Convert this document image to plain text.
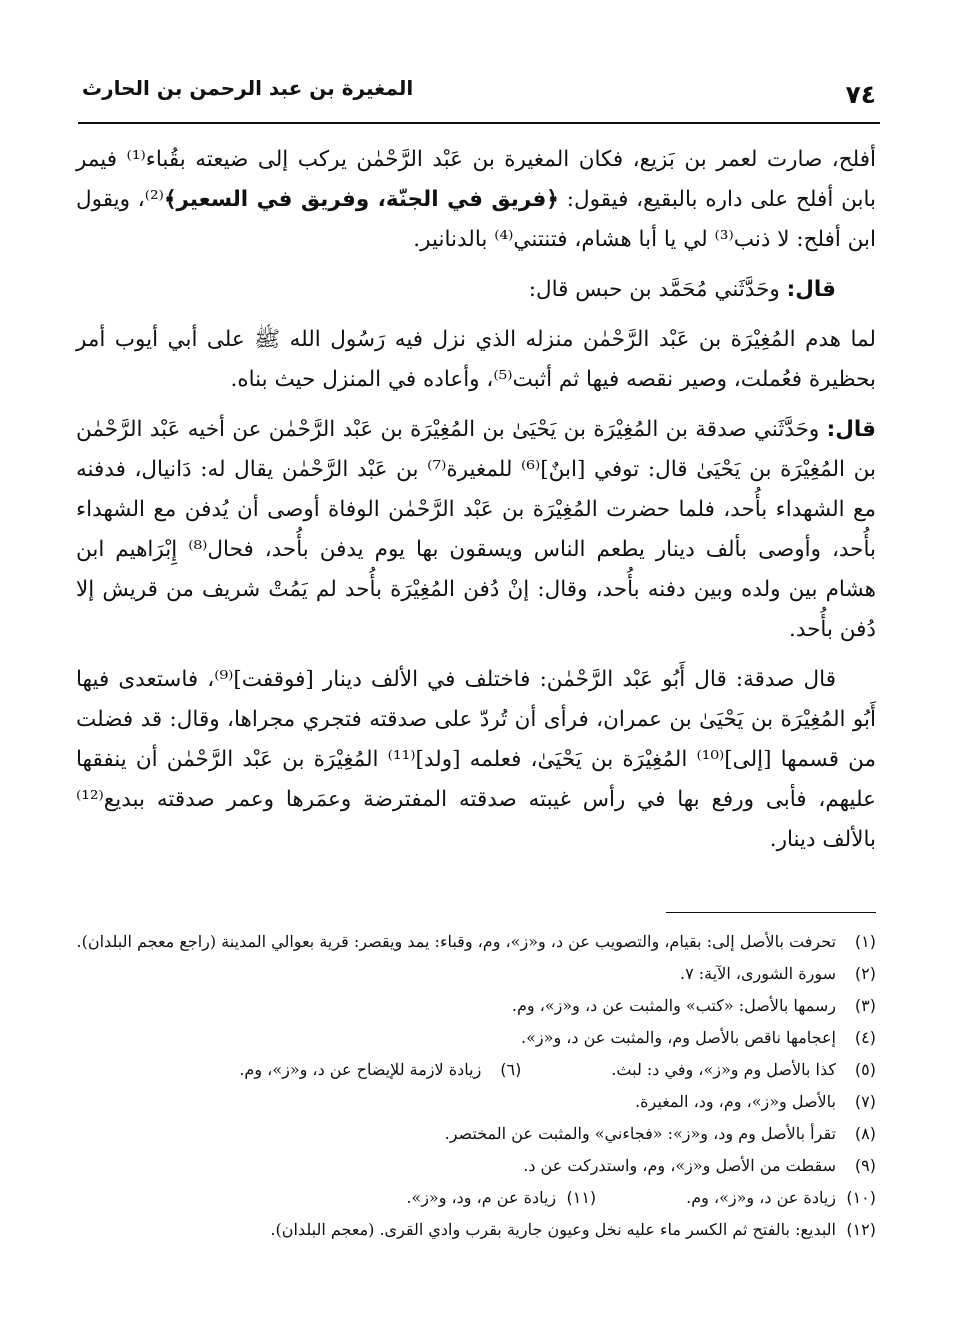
٧٤
المغيرة بن عبد الرحمن بن الحارث

أفلح، صارت لعمر بن بَزيع، فكان المغيرة بن عَبْد الرَّحْمٰن يركب إلى ضيعته بقُباء⁽¹⁾ فيمر بابن أفلح على داره بالبقيع، فيقول: ﴿فريق في الجنّة، وفريق في السعير﴾⁽²⁾، ويقول ابن أفلح: لا ذنب⁽³⁾ لي يا أبا هشام، فتنتني⁽⁴⁾ بالدنانير.

قال: وحَدَّثَني مُحَمَّد بن حبس قال:

لما هدم المُغِيْرَة بن عَبْد الرَّحْمٰن منزله الذي نزل فيه رَسُول الله ﷺ على أبي أيوب أمر بحظيرة فعُملت، وصير نقصه فيها ثم أثبت⁽⁵⁾، وأعاده في المنزل حيث بناه.

قال: وحَدَّثَني صدقة بن المُغِيْرَة بن يَحْيَىٰ بن المُغِيْرَة بن عَبْد الرَّحْمٰن عن أخيه عَبْد الرَّحْمٰن بن المُغِيْرَة بن يَحْيَىٰ قال: توفي [ابنٌ]⁽⁶⁾ للمغيرة⁽⁷⁾ بن عَبْد الرَّحْمٰن يقال له: دَانيال، فدفنه مع الشهداء بأُحد، فلما حضرت المُغِيْرَة بن عَبْد الرَّحْمٰن الوفاة أوصى أن يُدفن مع الشهداء بأُحد، وأوصى بألف دينار يطعم الناس ويسقون بها يوم يدفن بأُحد، فحال⁽⁸⁾ إِبْرَاهيم ابن هشام بين ولده وبين دفنه بأُحد، وقال: إنْ دُفن المُغِيْرَة بأُحد لم يَمُتْ شريف من قريش إلا دُفن بأُحد.

قال صدقة: قال أَبُو عَبْد الرَّحْمٰن: فاختلف في الألف دينار [فوقفت]⁽⁹⁾، فاستعدى فيها أَبُو المُغِيْرَة بن يَحْيَىٰ بن عمران، فرأى أن تُردّ على صدقته فتجري مجراها، وقال: قد فضلت من قسمها [إلى]⁽¹⁰⁾ المُغِيْرَة بن يَحْيَىٰ، فعلمه [ولد]⁽¹¹⁾ المُغِيْرَة بن عَبْد الرَّحْمٰن أن ينفقها عليهم، فأبى ورفع بها في رأس غيبته صدقته المفترضة وعمَرها وعمر صدقته ببديع⁽¹²⁾ بالألف دينار.

(١)
تحرفت بالأصل إلى: بقيام، والتصويب عن د، و«ز»، وم، وقباء: يمد ويقصر: قرية بعوالي المدينة (راجع معجم البلدان).
(٢)
سورة الشورى، الآية: ٧.
(٣)
رسمها بالأصل: «كتب» والمثبت عن د، و«ز»، وم.
(٤)
إعجامها ناقص بالأصل وم، والمثبت عن د، و«ز».
(٥)
كذا بالأصل وم و«ز»، وفي د: لبث.
(٦)
زيادة لازمة للإيضاح عن د، و«ز»، وم.
(٧)
بالأصل و«ز»، وم، ود، المغيرة.
(٨)
تقرأ بالأصل وم ود، و«ز»: «فجاءني» والمثبت عن المختصر.
(٩)
سقطت من الأصل و«ز»، وم، واستدركت عن د.
(١٠)
زيادة عن د، و«ز»، وم.
(١١)
زيادة عن م، ود، و«ز».
(١٢)
البديع: بالفتح ثم الكسر ماء عليه نخل وعيون جارية بقرب وادي القرى. (معجم البلدان).
